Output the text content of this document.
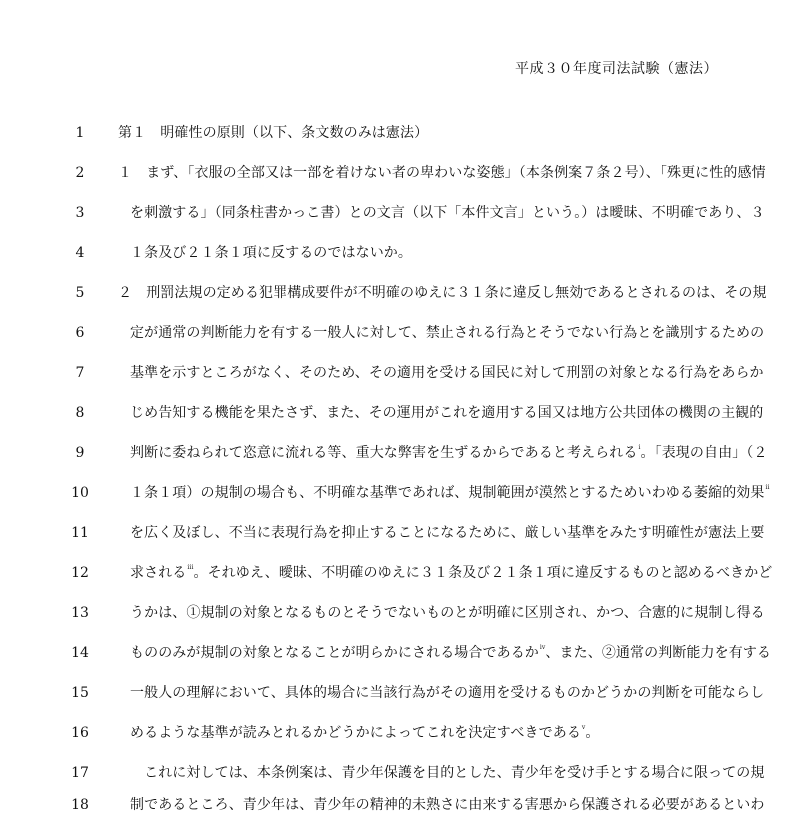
平成３０年度司法試験（憲法）
1	第１　明確性の原則（以下、条文数のみは憲法）
2	１　まず、「衣服の全部又は一部を着けない者の卑わいな姿態」（本条例案７条２号）、「殊更に性的感情
3	を刺激する」（同条柱書かっこ書）との文言（以下「本件文言」という。）は曖昧、不明確であり、３
4	１条及び２１条１項に反するのではないか。
5	２　刑罰法規の定める犯罪構成要件が不明確のゆえに３１条に違反し無効であるとされるのは、その規
6	定が通常の判断能力を有する一般人に対して、禁止される行為とそうでない行為とを識別するための
7	基準を示すところがなく、そのため、その適用を受ける国民に対して刑罰の対象となる行為をあらか
8	じめ告知する機能を果たさず、また、その運用がこれを適用する国又は地方公共団体の機関の主観的
9	判断に委ねられて恣意に流れる等、重大な弊害を生ずるからであると考えられる$^i$。「表現の自由」（２
10	１条１項）の規制の場合も、不明確な基準であれば、規制範囲が漠然とするためいわゆる萎縮的効果$^{ii}$
11	を広く及ぼし、不当に表現行為を抑止することになるために、厳しい基準をみたす明確性が憲法上要
12	求される$^{iii}$。それゆえ、曖昧、不明確のゆえに３１条及び２１条１項に違反するものと認めるべきかど
13	うかは、①規制の対象となるものとそうでないものとが明確に区別され、かつ、合憲的に規制し得る
14	もののみが規制の対象となることが明らかにされる場合であるか$^{iv}$、また、②通常の判断能力を有する
15	一般人の理解において、具体的場合に当該行為がその適用を受けるものかどうかの判断を可能ならし
16	めるような基準が読みとれるかどうかによってこれを決定すべきである$^v$。
17	　これに対しては、本条例案は、青少年保護を目的とした、青少年を受け手とする場合に限っての規
18	制であるところ、青少年は、青少年の精神的未熟さに由来する害悪から保護される必要があるといわ
